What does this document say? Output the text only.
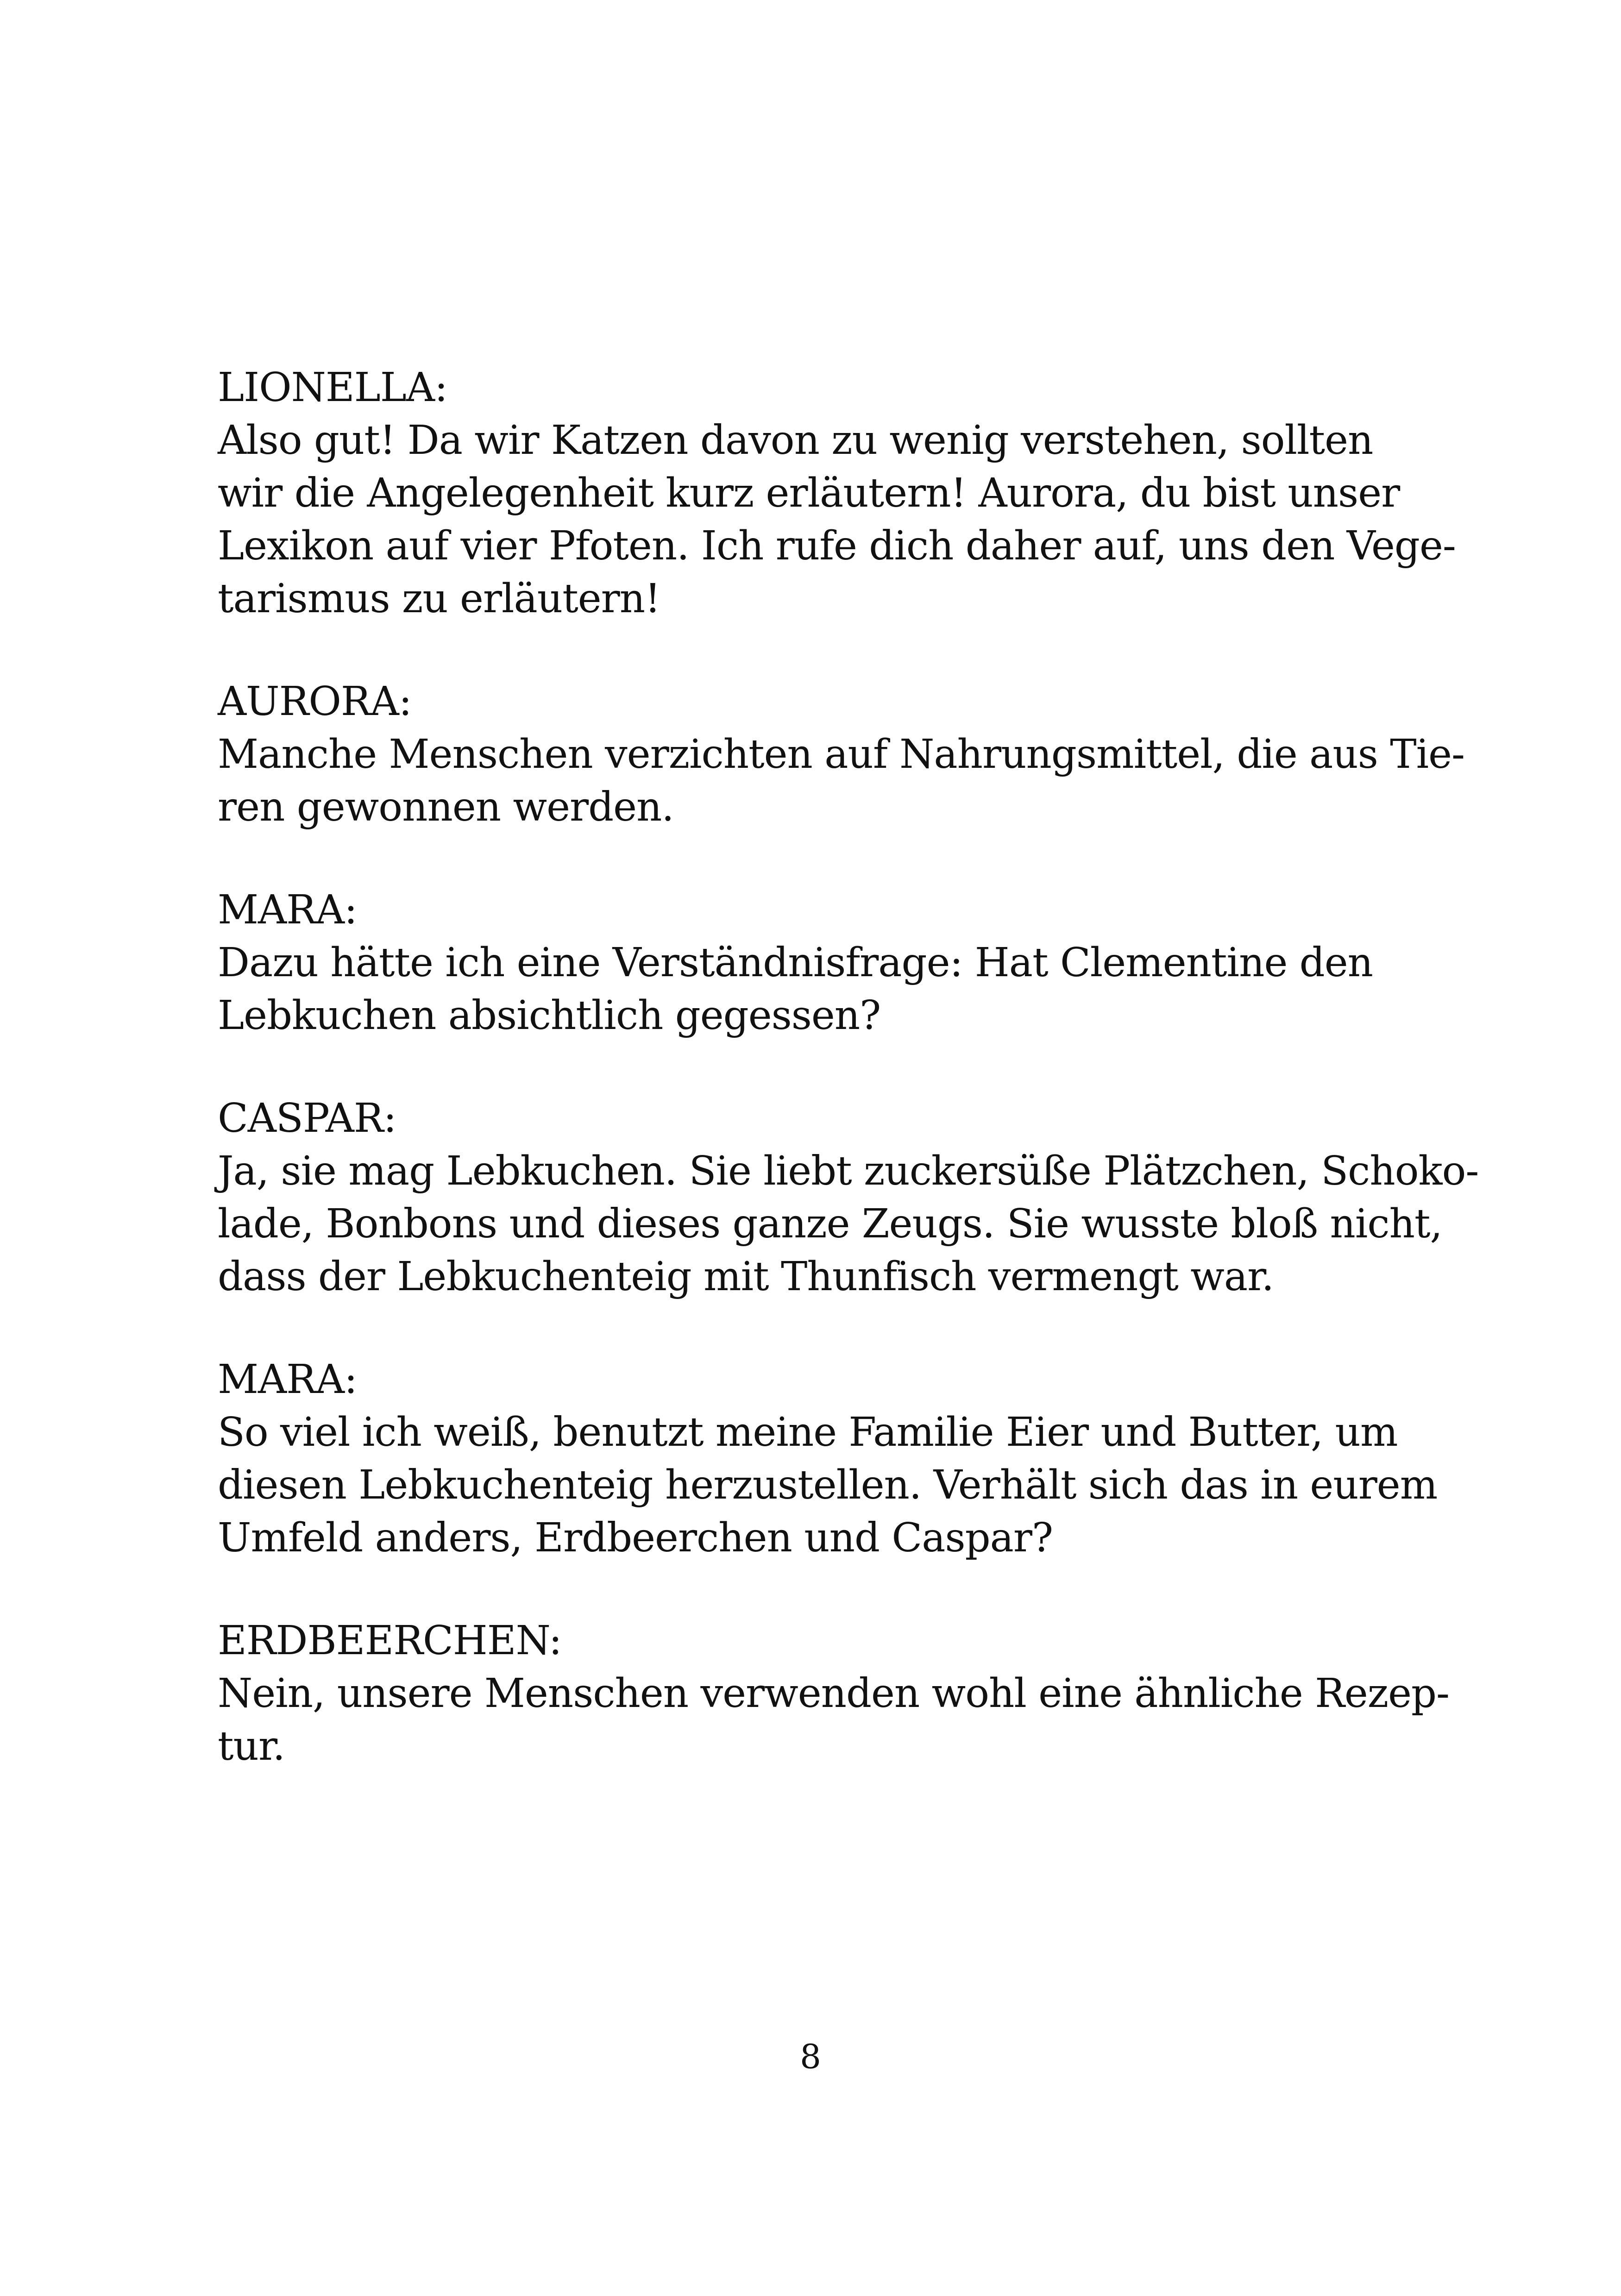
LIONELLA:
Also gut! Da wir Katzen davon zu wenig verstehen, sollten
wir die Angelegenheit kurz erläutern! Aurora, du bist unser
Lexikon auf vier Pfoten. Ich rufe dich daher auf, uns den Vege-
tarismus zu erläutern!
AURORA:
Manche Menschen verzichten auf Nahrungsmittel, die aus Tie-
ren gewonnen werden.
MARA:
Dazu hätte ich eine Verständnisfrage: Hat Clementine den
Lebkuchen absichtlich gegessen?
CASPAR:
Ja, sie mag Lebkuchen. Sie liebt zuckersüße Plätzchen, Schoko-
lade, Bonbons und dieses ganze Zeugs. Sie wusste bloß nicht,
dass der Lebkuchenteig mit Thunfisch vermengt war.
MARA:
So viel ich weiß, benutzt meine Familie Eier und Butter, um
diesen Lebkuchenteig herzustellen. Verhält sich das in eurem
Umfeld anders, Erdbeerchen und Caspar?
ERDBEERCHEN:
Nein, unsere Menschen verwenden wohl eine ähnliche Rezep-
tur.
8
